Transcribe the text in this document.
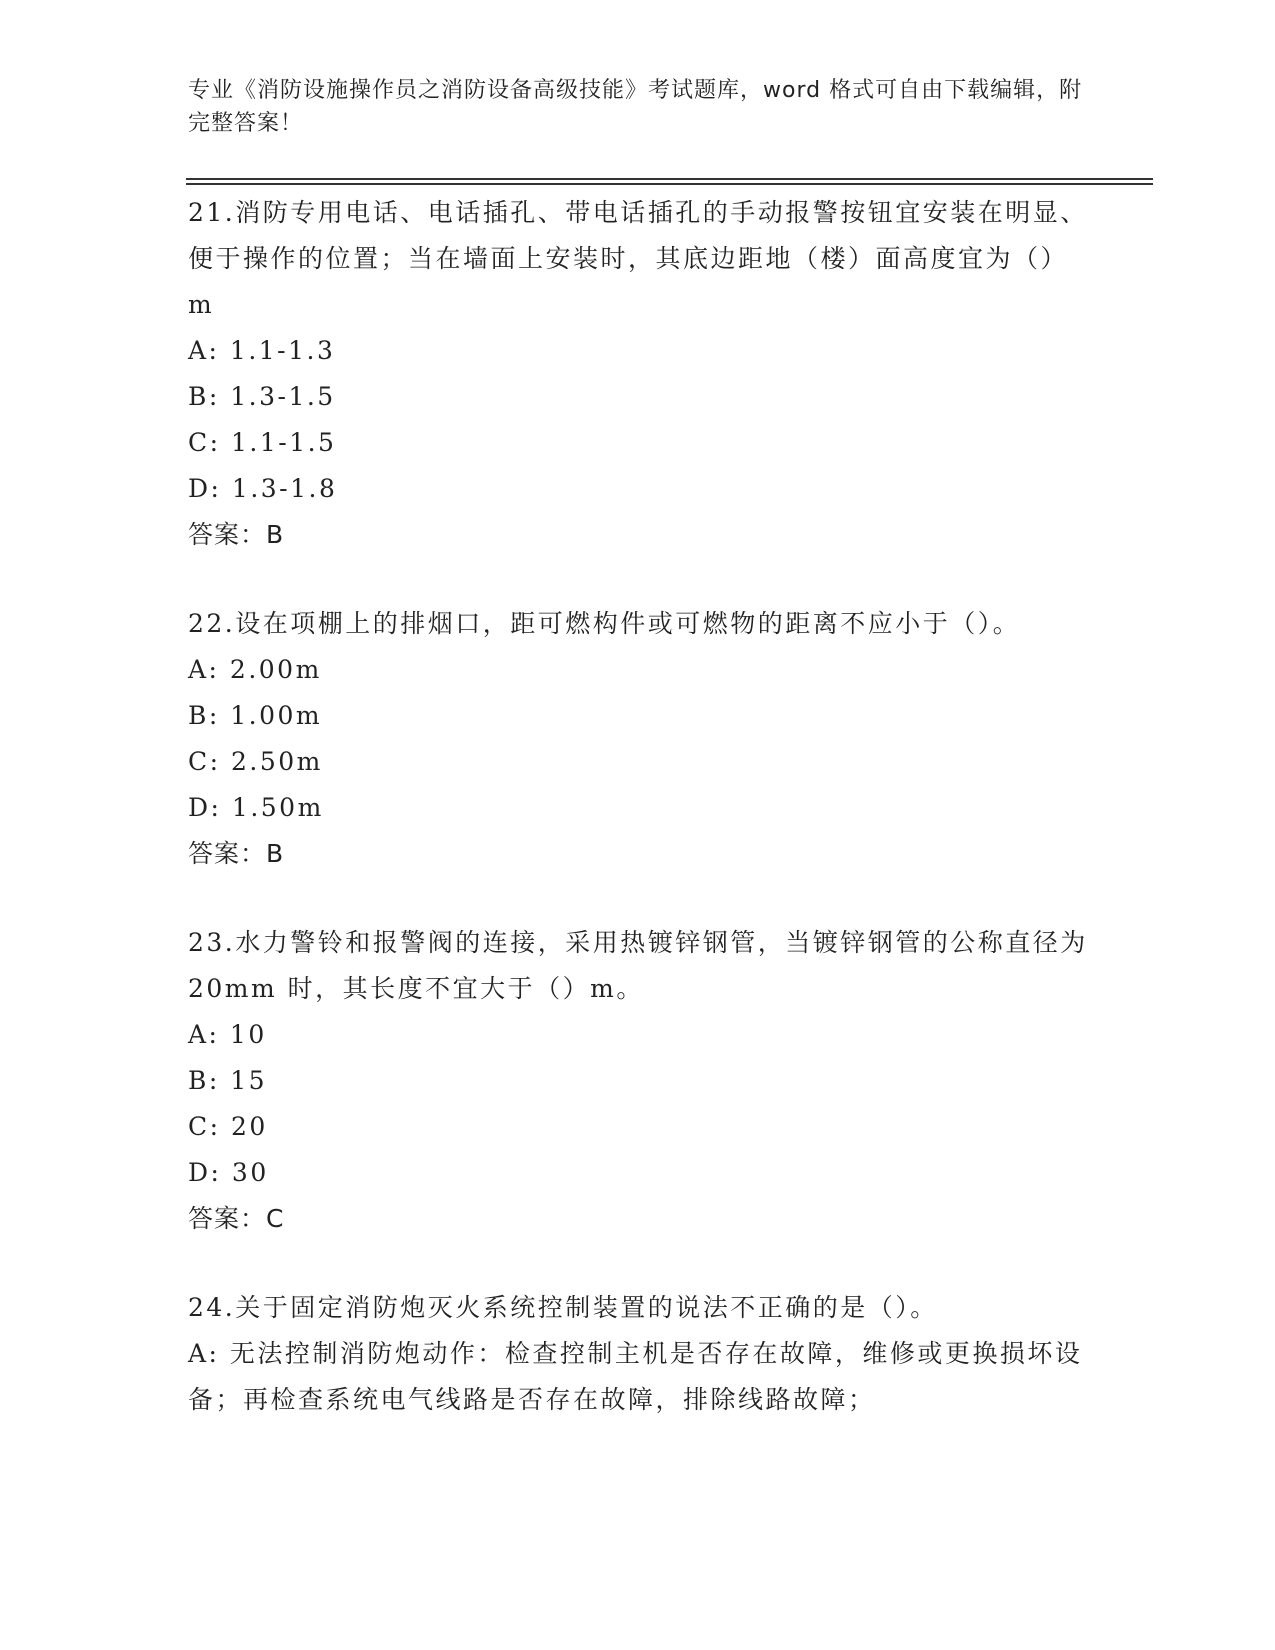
专业《消防设施操作员之消防设备高级技能》考试题库，word 格式可自由下载编辑，附完整答案！

21.消防专用电话、电话插孔、带电话插孔的手动报警按钮宜安装在明显、便于操作的位置；当在墙面上安装时，其底边距地（楼）面高度宜为（）m

A: 1.1-1.3

B: 1.3-1.5

C: 1.1-1.5

D: 1.3-1.8

答案：B

22.设在项棚上的排烟口，距可燃构件或可燃物的距离不应小于（）。

A: 2.00m

B: 1.00m

C: 2.50m

D: 1.50m

答案：B

23.水力警铃和报警阀的连接，采用热镀锌钢管，当镀锌钢管的公称直径为 20mm 时，其长度不宜大于（）m。

A: 10

B: 15

C: 20

D: 30

答案：C

24.关于固定消防炮灭火系统控制装置的说法不正确的是（）。

A: 无法控制消防炮动作：检查控制主机是否存在故障，维修或更换损坏设备；再检查系统电气线路是否存在故障，排除线路故障；
